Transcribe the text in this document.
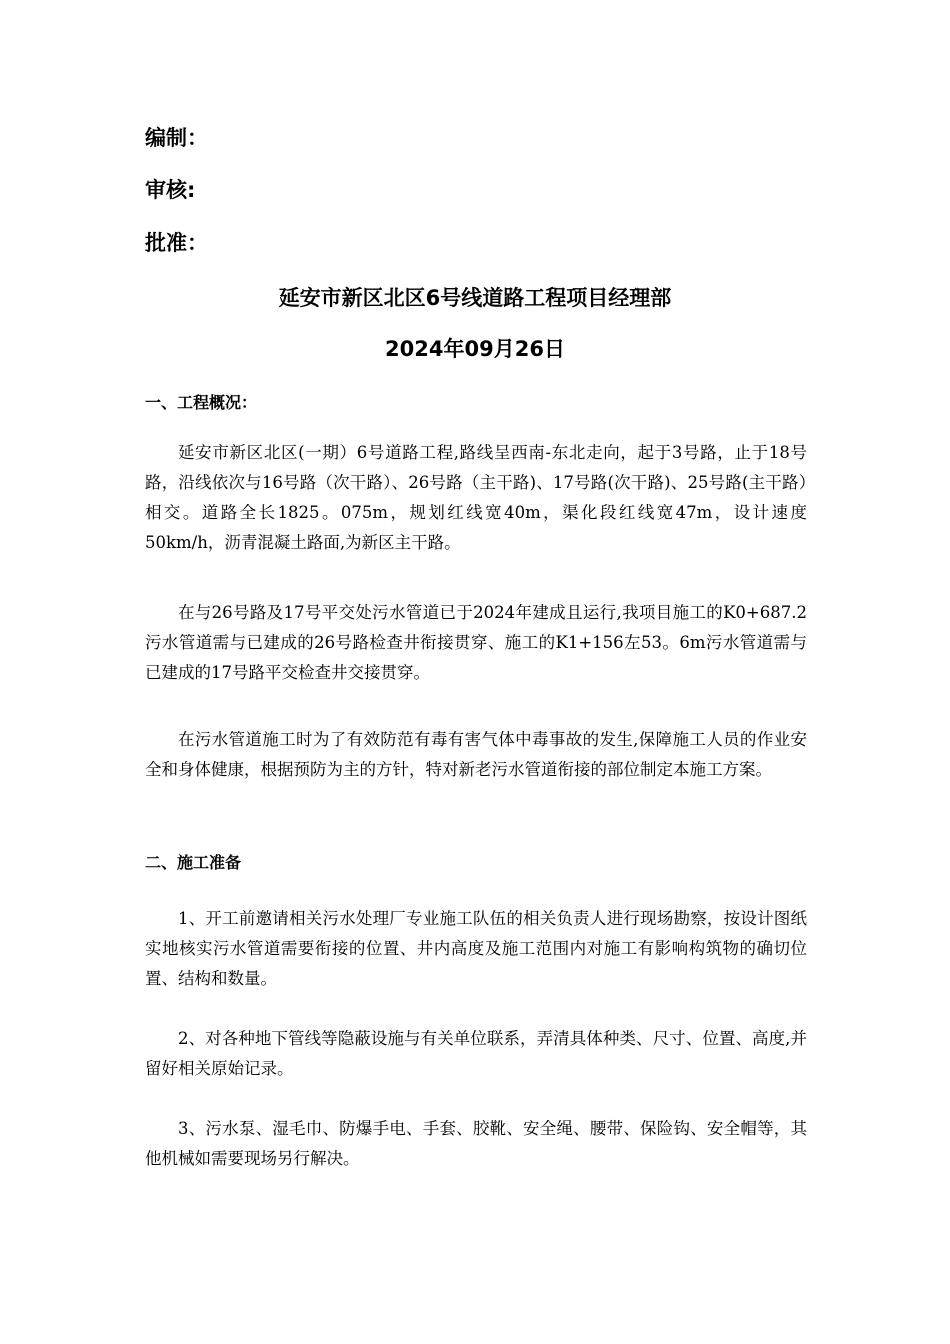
编制：
审核:
批准：
延安市新区北区6号线道路工程项目经理部
2024年09月26日
一、工程概况：

延安市新区北区(一期）6号道路工程,路线呈西南-东北走向，起于3号路，止于18号路，沿线依次与16号路（次干路）、26号路（主干路)、17号路(次干路)、25号路(主干路）相交。道路全长1825。075m，规划红线宽40m，渠化段红线宽47m，设计速度50km/h，沥青混凝土路面,为新区主干路。

在与26号路及17号平交处污水管道已于2024年建成且运行,我项目施工的K0+687.2污水管道需与已建成的26号路检查井衔接贯穿、施工的K1+156左53。6m污水管道需与已建成的17号路平交检查井交接贯穿。

在污水管道施工时为了有效防范有毒有害气体中毒事故的发生,保障施工人员的作业安全和身体健康，根据预防为主的方针，特对新老污水管道衔接的部位制定本施工方案。

二、施工准备

1、开工前邀请相关污水处理厂专业施工队伍的相关负责人进行现场勘察，按设计图纸实地核实污水管道需要衔接的位置、井内高度及施工范围内对施工有影响构筑物的确切位置、结构和数量。

2、对各种地下管线等隐蔽设施与有关单位联系，弄清具体种类、尺寸、位置、高度,并留好相关原始记录。

3、污水泵、湿毛巾、防爆手电、手套、胶靴、安全绳、腰带、保险钩、安全帽等，其他机械如需要现场另行解决。
